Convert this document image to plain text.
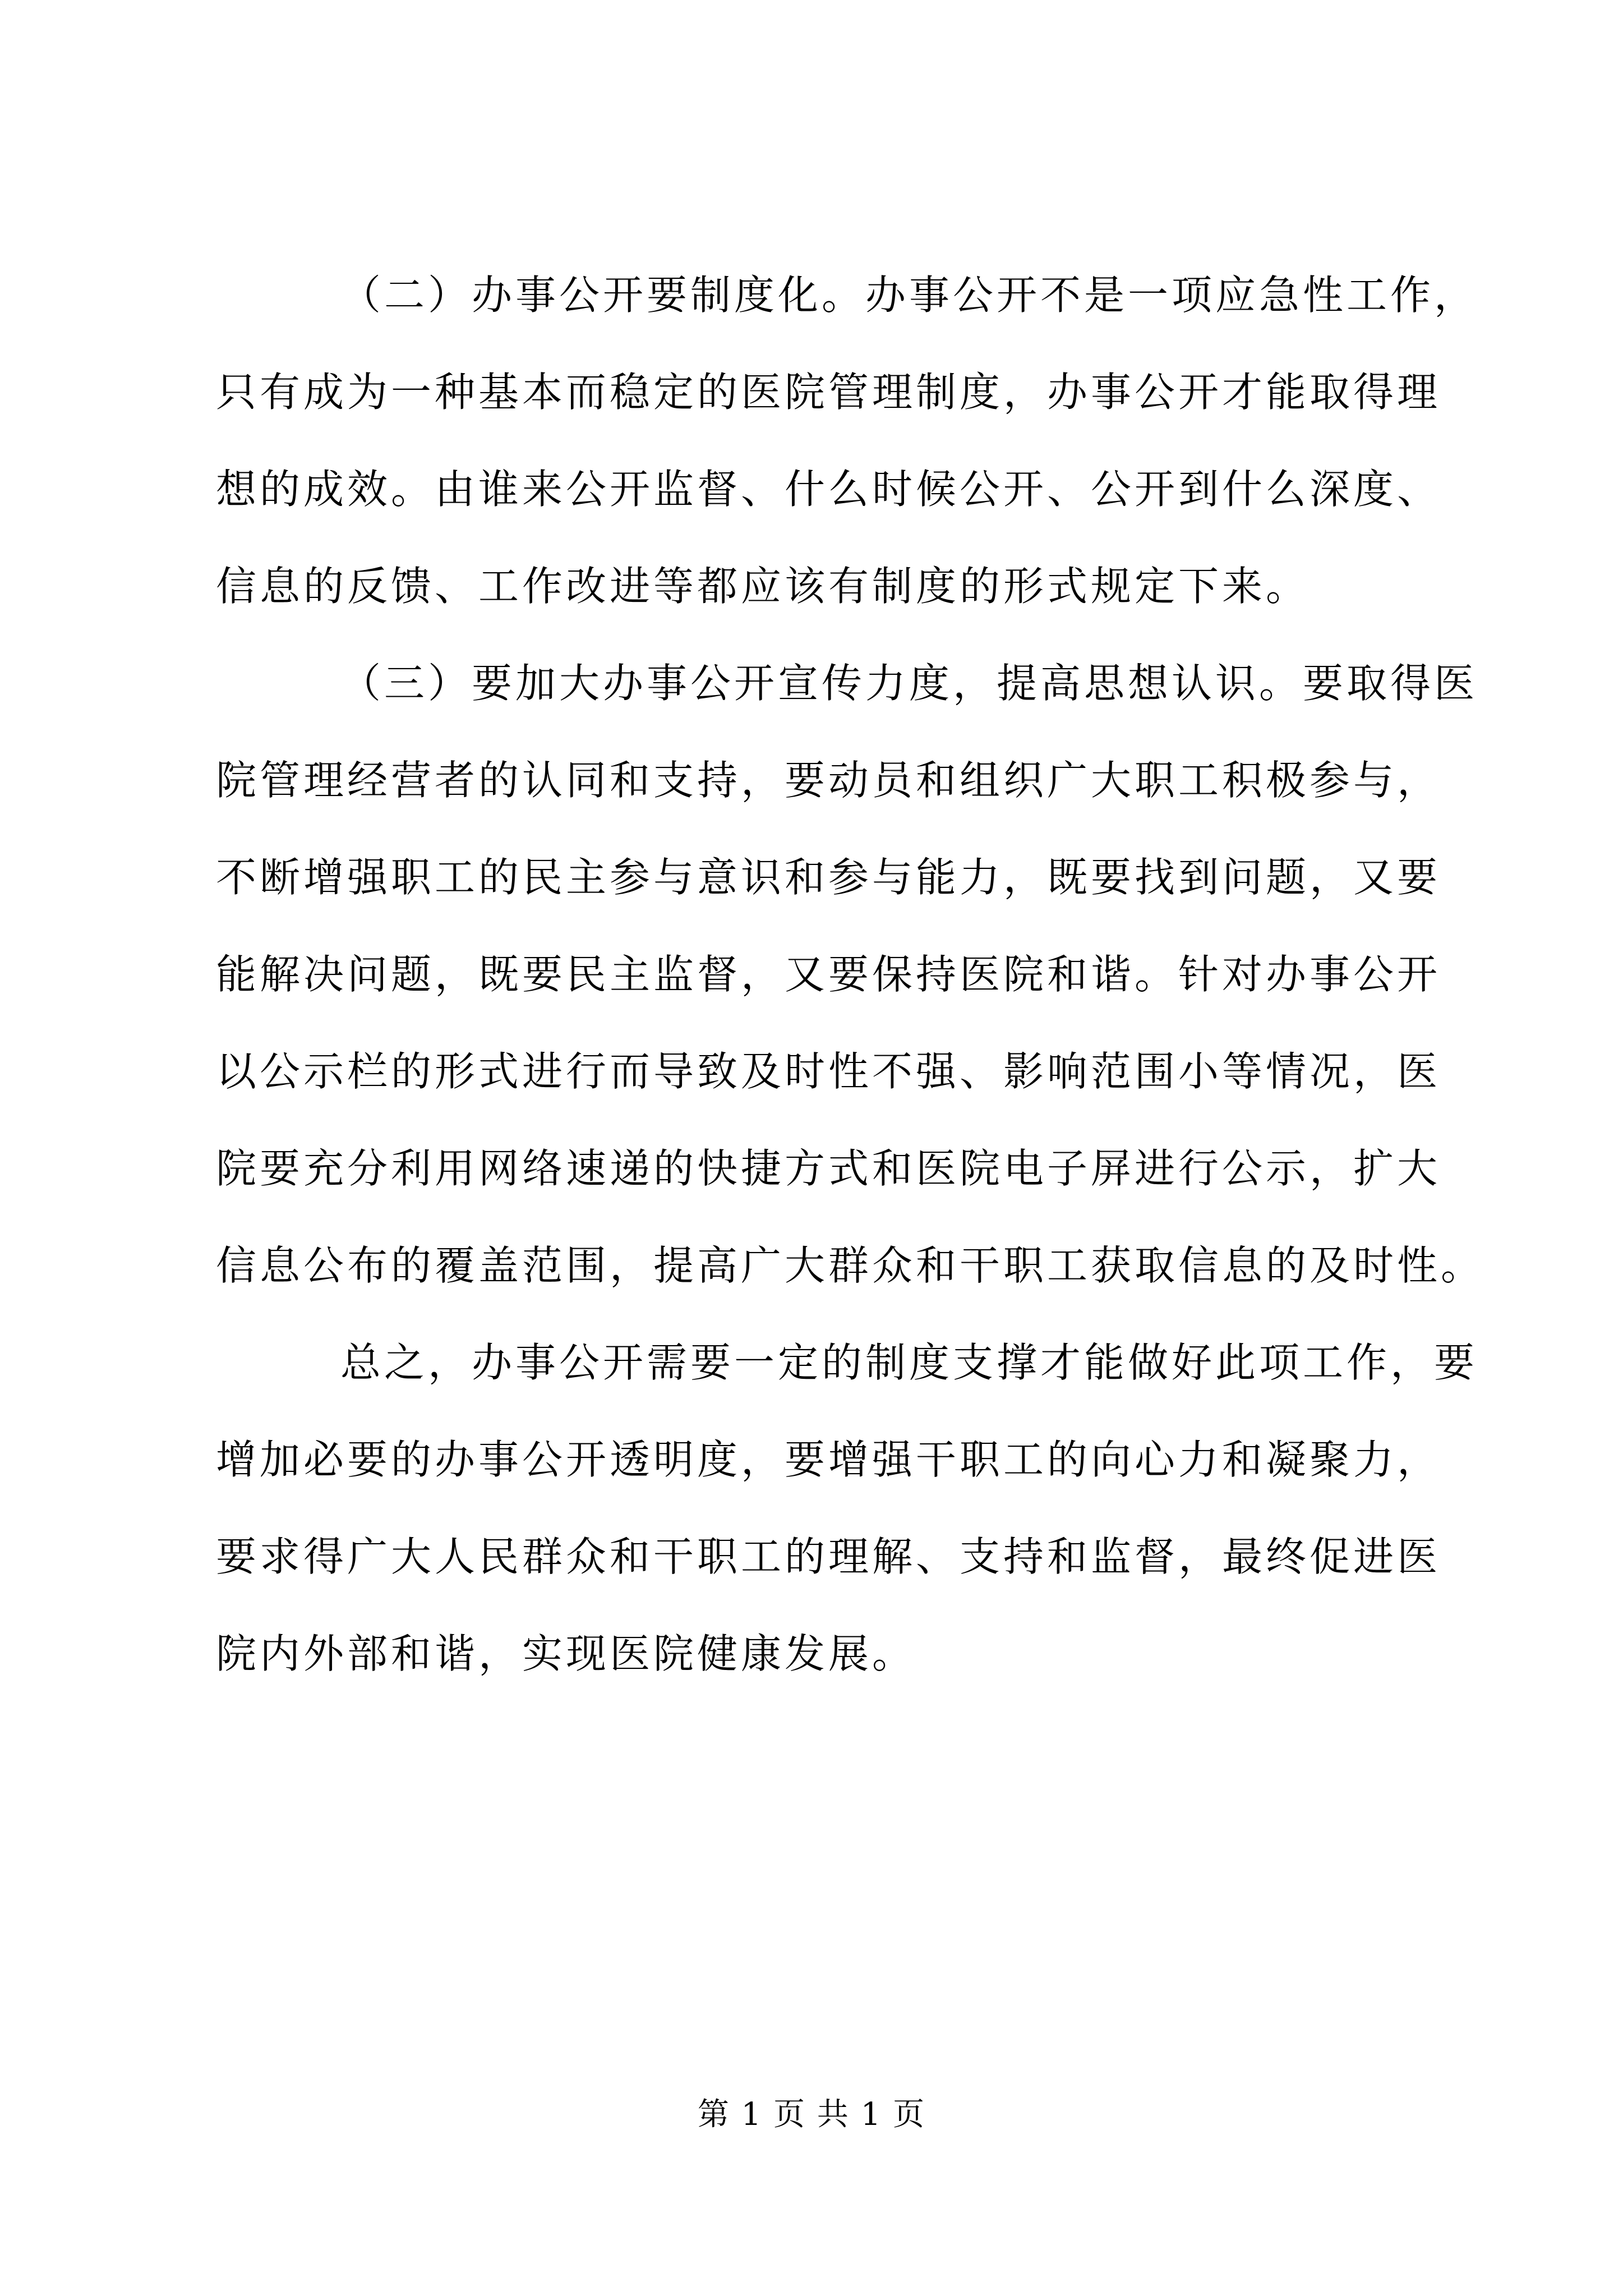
（二）办事公开要制度化。办事公开不是一项应急性工作，
只有成为一种基本而稳定的医院管理制度，办事公开才能取得理
想的成效。由谁来公开监督、什么时候公开、公开到什么深度、
信息的反馈、工作改进等都应该有制度的形式规定下来。

（三）要加大办事公开宣传力度，提高思想认识。要取得医
院管理经营者的认同和支持，要动员和组织广大职工积极参与，
不断增强职工的民主参与意识和参与能力，既要找到问题，又要
能解决问题，既要民主监督，又要保持医院和谐。针对办事公开
以公示栏的形式进行而导致及时性不强、影响范围小等情况，医
院要充分利用网络速递的快捷方式和医院电子屏进行公示，扩大
信息公布的覆盖范围，提高广大群众和干职工获取信息的及时性。

总之，办事公开需要一定的制度支撑才能做好此项工作，要
增加必要的办事公开透明度，要增强干职工的向心力和凝聚力，
要求得广大人民群众和干职工的理解、支持和监督，最终促进医
院内外部和谐，实现医院健康发展。

第 1 页 共 1 页
